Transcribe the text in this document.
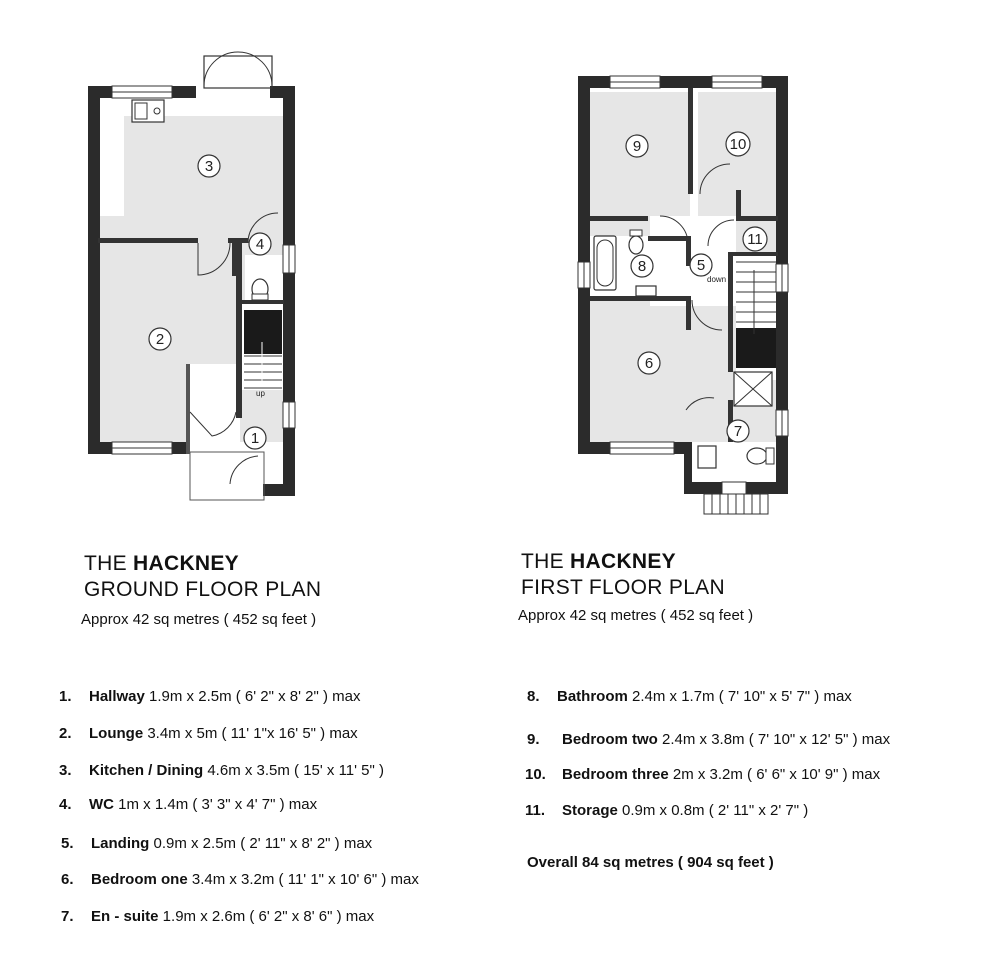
up
3
2
4
1
down
9	10
11
8	5
6
7
THE HACKNEY
GROUND FLOOR PLAN
Approx 42 sq metres ( 452 sq feet )
THE HACKNEY
FIRST FLOOR PLAN
Approx 42 sq metres ( 452 sq feet )
1. Hallway 1.9m x 2.5m ( 6' 2" x 8' 2" ) max
2. Lounge 3.4m x 5m ( 11' 1"x 16' 5" ) max
3. Kitchen / Dining 4.6m x 3.5m ( 15' x 11' 5" )
4. WC 1m x 1.4m ( 3' 3" x 4' 7" ) max
5. Landing 0.9m x 2.5m ( 2' 11" x 8' 2" ) max
6. Bedroom one 3.4m x 3.2m ( 11' 1" x 10' 6" ) max
7. En - suite 1.9m x 2.6m ( 6' 2" x 8' 6" ) max
8. Bathroom 2.4m x 1.7m ( 7' 10" x 5' 7" ) max
9. Bedroom two 2.4m x 3.8m ( 7' 10" x 12' 5" ) max
10. Bedroom three 2m x 3.2m ( 6' 6" x 10' 9" ) max
11. Storage 0.9m x 0.8m ( 2' 11" x 2' 7" )
Overall 84 sq metres ( 904 sq feet )
